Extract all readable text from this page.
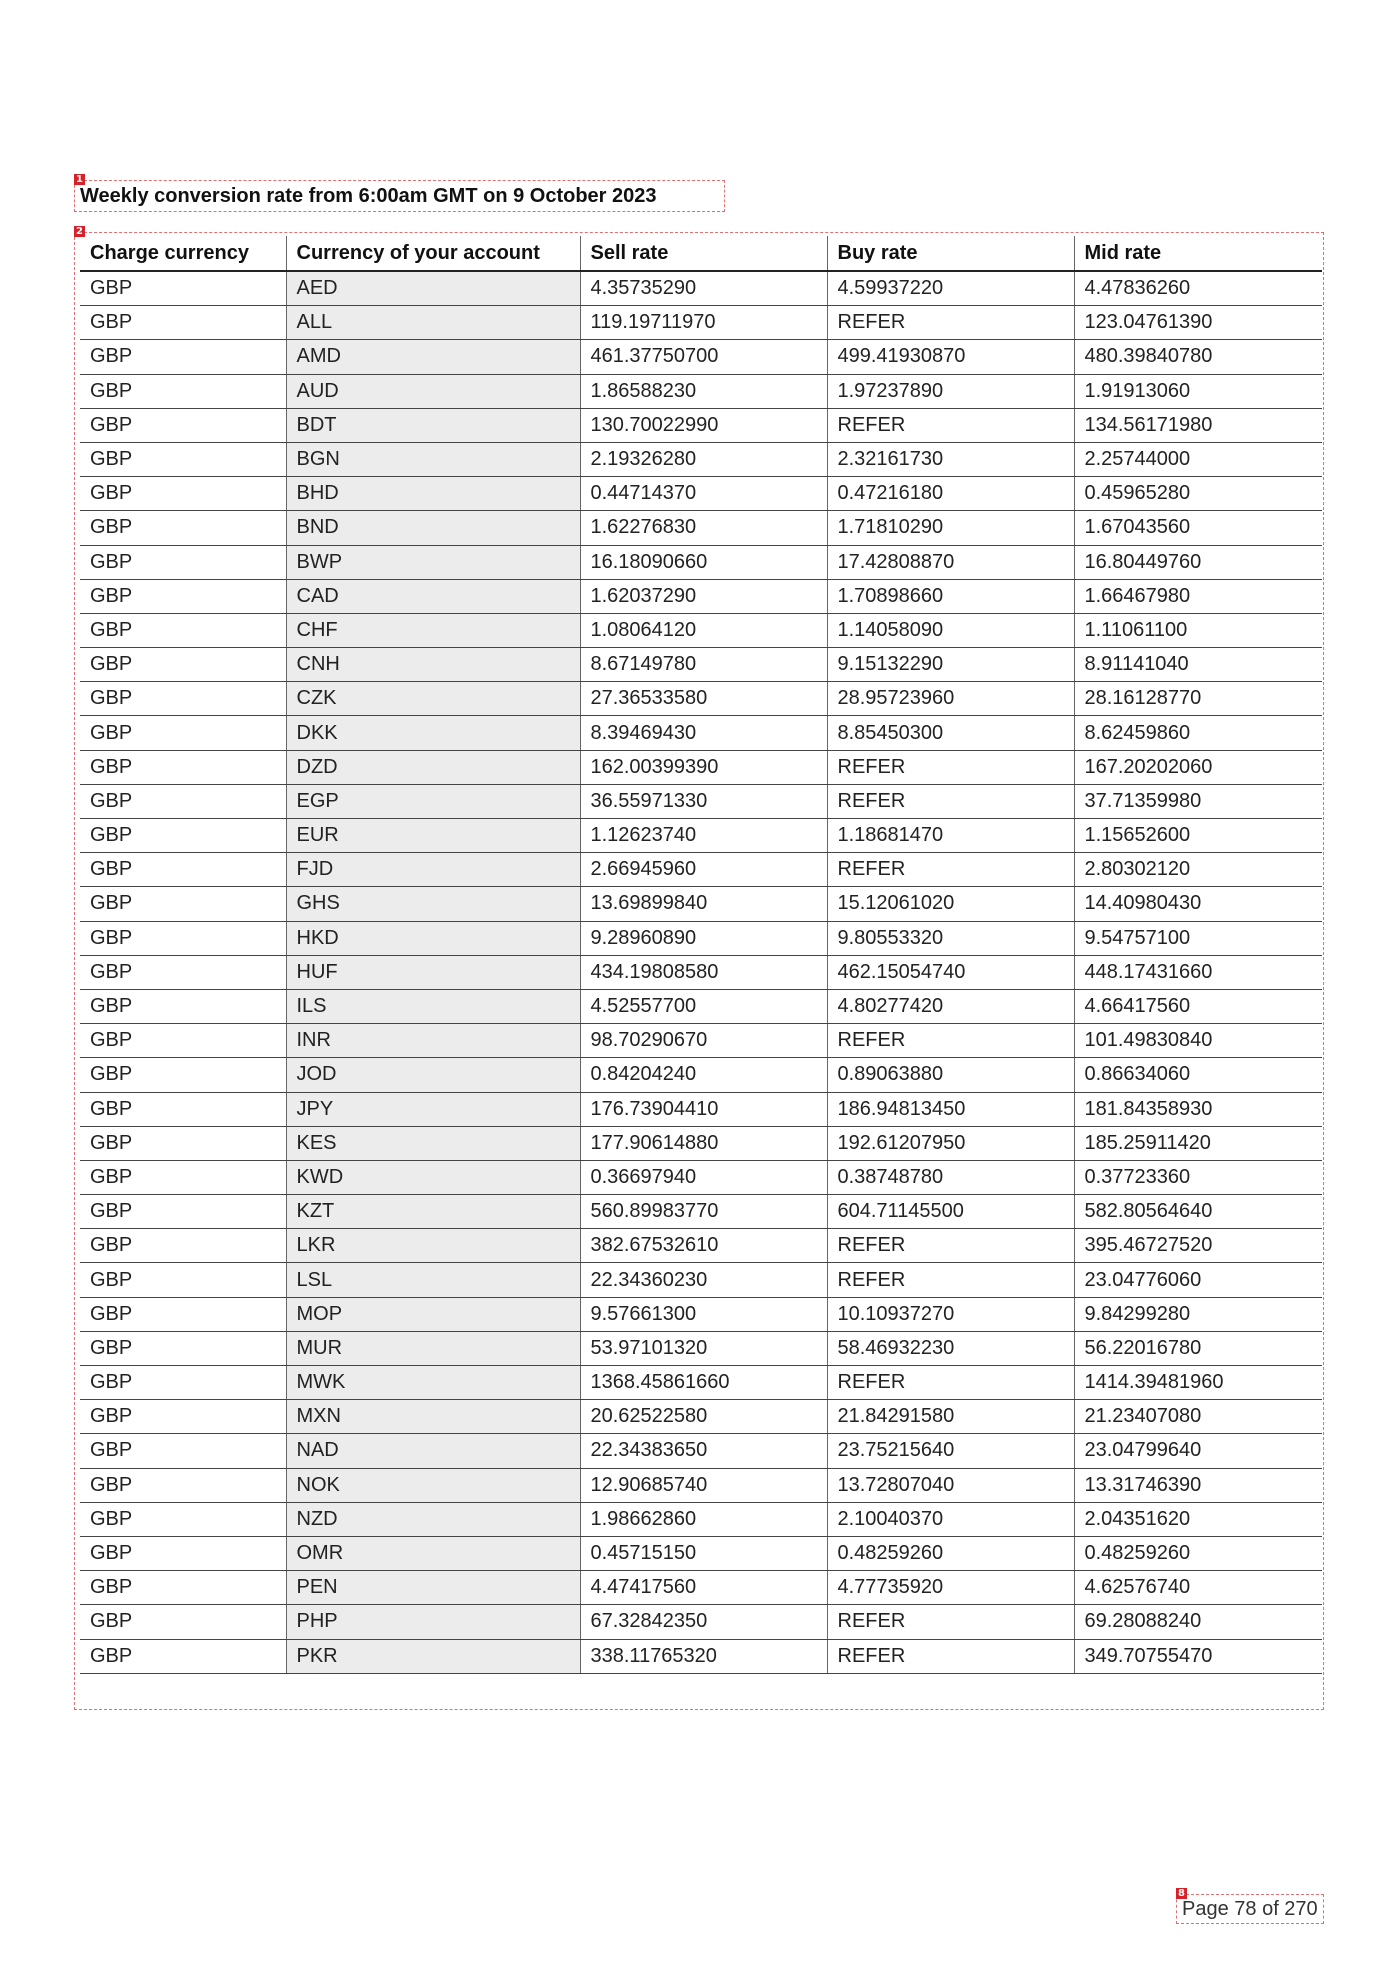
1
Weekly conversion rate from 6:00am GMT on 9 October 2023
2
Charge currency	Currency of your account	Sell rate	Buy rate	Mid rate
GBP	AED	4.35735290	4.59937220	4.47836260
GBP	ALL	119.19711970	REFER	123.04761390
GBP	AMD	461.37750700	499.41930870	480.39840780
GBP	AUD	1.86588230	1.97237890	1.91913060
GBP	BDT	130.70022990	REFER	134.56171980
GBP	BGN	2.19326280	2.32161730	2.25744000
GBP	BHD	0.44714370	0.47216180	0.45965280
GBP	BND	1.62276830	1.71810290	1.67043560
GBP	BWP	16.18090660	17.42808870	16.80449760
GBP	CAD	1.62037290	1.70898660	1.66467980
GBP	CHF	1.08064120	1.14058090	1.11061100
GBP	CNH	8.67149780	9.15132290	8.91141040
GBP	CZK	27.36533580	28.95723960	28.16128770
GBP	DKK	8.39469430	8.85450300	8.62459860
GBP	DZD	162.00399390	REFER	167.20202060
GBP	EGP	36.55971330	REFER	37.71359980
GBP	EUR	1.12623740	1.18681470	1.15652600
GBP	FJD	2.66945960	REFER	2.80302120
GBP	GHS	13.69899840	15.12061020	14.40980430
GBP	HKD	9.28960890	9.80553320	9.54757100
GBP	HUF	434.19808580	462.15054740	448.17431660
GBP	ILS	4.52557700	4.80277420	4.66417560
GBP	INR	98.70290670	REFER	101.49830840
GBP	JOD	0.84204240	0.89063880	0.86634060
GBP	JPY	176.73904410	186.94813450	181.84358930
GBP	KES	177.90614880	192.61207950	185.25911420
GBP	KWD	0.36697940	0.38748780	0.37723360
GBP	KZT	560.89983770	604.71145500	582.80564640
GBP	LKR	382.67532610	REFER	395.46727520
GBP	LSL	22.34360230	REFER	23.04776060
GBP	MOP	9.57661300	10.10937270	9.84299280
GBP	MUR	53.97101320	58.46932230	56.22016780
GBP	MWK	1368.45861660	REFER	1414.39481960
GBP	MXN	20.62522580	21.84291580	21.23407080
GBP	NAD	22.34383650	23.75215640	23.04799640
GBP	NOK	12.90685740	13.72807040	13.31746390
GBP	NZD	1.98662860	2.10040370	2.04351620
GBP	OMR	0.45715150	0.48259260	0.48259260
GBP	PEN	4.47417560	4.77735920	4.62576740
GBP	PHP	67.32842350	REFER	69.28088240
GBP	PKR	338.11765320	REFER	349.70755470
8
Page 78 of 270
